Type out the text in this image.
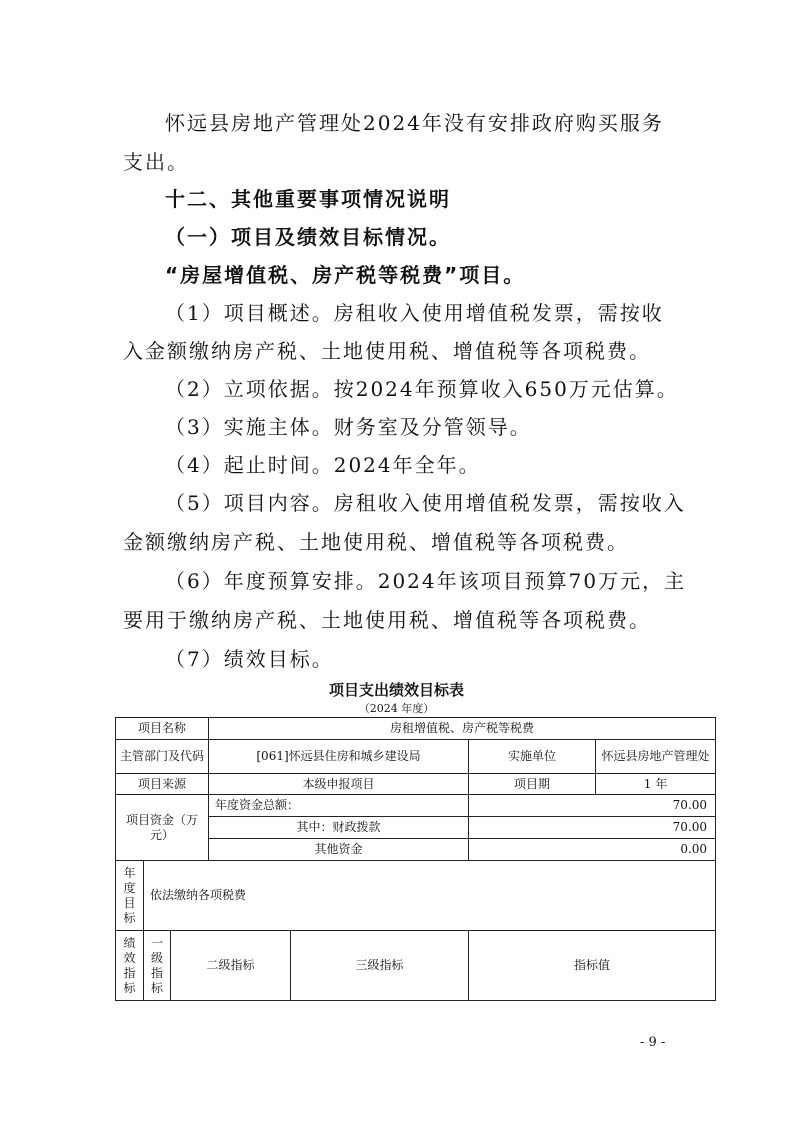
怀远县房地产管理处2024年没有安排政府购买服务
支出。
十二、其他重要事项情况说明
（一）项目及绩效目标情况。
“房屋增值税、房产税等税费”项目。
（1）项目概述。房租收入使用增值税发票，需按收
入金额缴纳房产税、土地使用税、增值税等各项税费。
（2）立项依据。按2024年预算收入650万元估算。
（3）实施主体。财务室及分管领导。
（4）起止时间。2024年全年。
（5）项目内容。房租收入使用增值税发票，需按收入
金额缴纳房产税、土地使用税、增值税等各项税费。
（6）年度预算安排。2024年该项目预算70万元，主
要用于缴纳房产税、土地使用税、增值税等各项税费。
（7）绩效目标。
项目支出绩效目标表
（2024 年度）
项目名称			房租增值税、房产税等税费			
主管部门及代码			[061]怀远县住房和城乡建设局		实施单位	怀远县房地产管理处
项目来源			本级申报项目		项目期	1 年
项目资金（万元）			年度资金总额：		70.00	
			其中：财政拨款		70.00	
			其他资金		0.00	
年度目标	依法缴纳各项税费					
绩效指标	一级指标	二级指标		三级指标	指标值	
- 9 -
